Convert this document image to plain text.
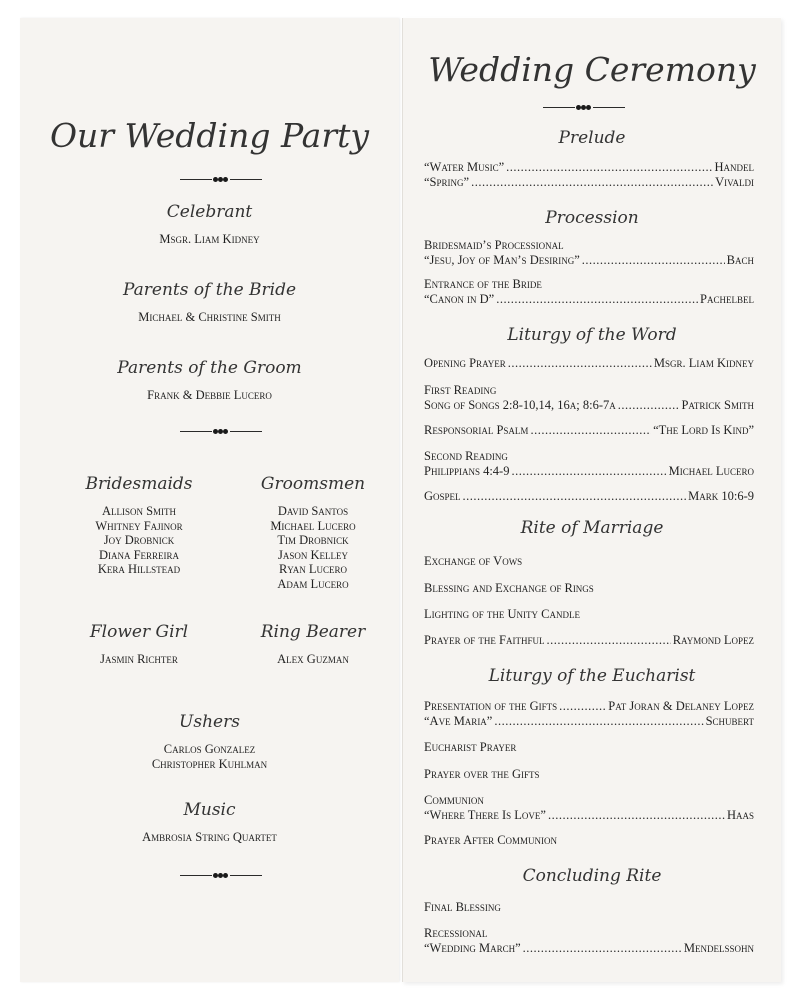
Our Wedding Party
Celebrant
Msgr. Liam Kidney
Parents of the Bride
Michael & Christine Smith
Parents of the Groom
Frank & Debbie Lucero
Bridesmaids
Allison Smith
Whitney Fajinor
Joy Drobnick
Diana Ferreira
Kera Hillstead
Groomsmen
David Santos
Michael Lucero
Tim Drobnick
Jason Kelley
Ryan Lucero
Adam Lucero
Flower Girl
Jasmin Richter
Ring Bearer
Alex Guzman
Ushers
Carlos Gonzalez
Christopher Kuhlman
Music
Ambrosia String Quartet
Wedding Ceremony
Prelude
“Water Music” .....	Handel
“Spring” .....	Vivaldi
Procession
Bridesmaid’s Processional
“Jesu, Joy of Man’s Desiring” .....	Bach
Entrance of the Bride
“Canon in D” .....	Pachelbel
Liturgy of the Word
Opening Prayer .....	Msgr. Liam Kidney
First Reading
Song of Songs 2:8-10,14, 16a; 8:6-7a .....	Patrick Smith
Responsorial Psalm .....	“The Lord Is Kind”
Second Reading
Philippians 4:4-9 .....	Michael Lucero
Gospel .....	Mark 10:6-9
Rite of Marriage
Exchange of Vows
Blessing and Exchange of Rings
Lighting of the Unity Candle
Prayer of the Faithful .....	Raymond Lopez
Liturgy of the Eucharist
Presentation of the Gifts .....	Pat Joran & Delaney Lopez
“Ave Maria” .....	Schubert
Eucharist Prayer
Prayer over the Gifts
Communion
“Where There Is Love” .....	Haas
Prayer After Communion
Concluding Rite
Final Blessing
Recessional
“Wedding March” .....	Mendelssohn
